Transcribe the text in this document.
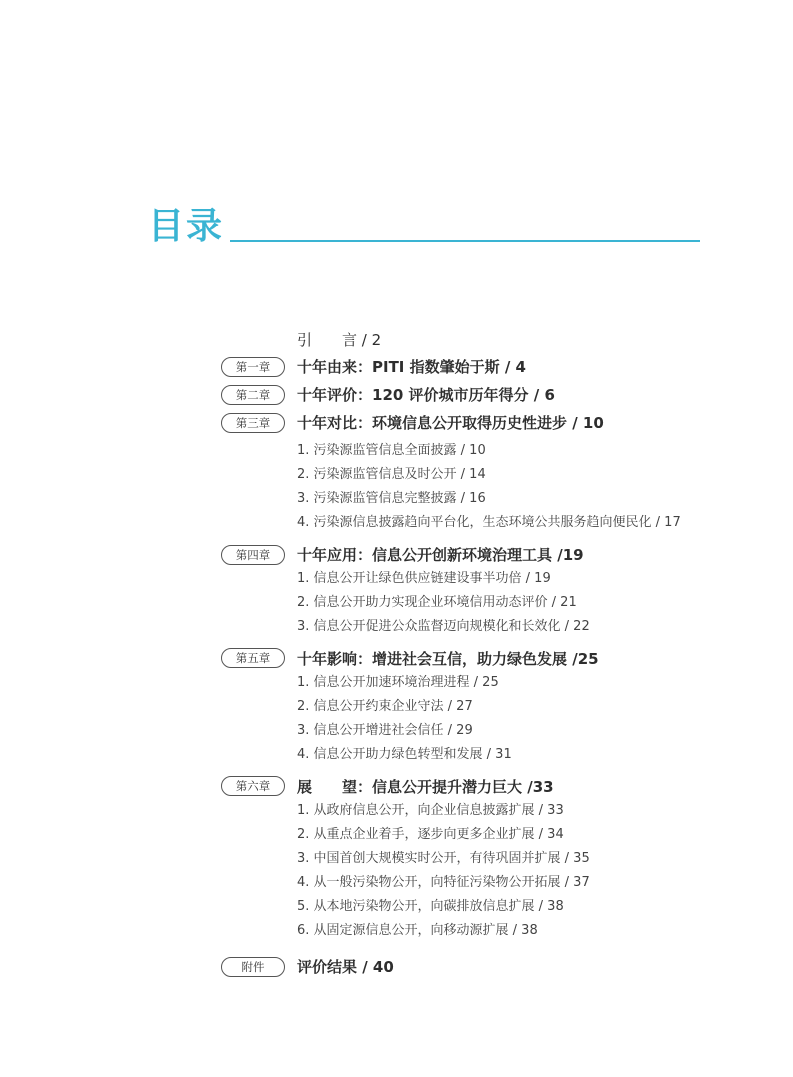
目录
引　　言 / 2
第一章	十年由来：PITI 指数肇始于斯 / 4
第二章	十年评价：120 评价城市历年得分 / 6
第三章	十年对比：环境信息公开取得历史性进步 / 10
1. 污染源监管信息全面披露 / 10
2. 污染源监管信息及时公开 / 14
3. 污染源监管信息完整披露 / 16
4. 污染源信息披露趋向平台化，生态环境公共服务趋向便民化 / 17
第四章	十年应用：信息公开创新环境治理工具 /19
1. 信息公开让绿色供应链建设事半功倍 / 19
2. 信息公开助力实现企业环境信用动态评价 / 21
3. 信息公开促进公众监督迈向规模化和长效化 / 22
第五章	十年影响：增进社会互信，助力绿色发展 /25
1. 信息公开加速环境治理进程 / 25
2. 信息公开约束企业守法 / 27
3. 信息公开增进社会信任 / 29
4. 信息公开助力绿色转型和发展 / 31
第六章	展　　望：信息公开提升潜力巨大 /33
1. 从政府信息公开，向企业信息披露扩展 / 33
2. 从重点企业着手，逐步向更多企业扩展 / 34
3. 中国首创大规模实时公开，有待巩固并扩展 / 35
4. 从一般污染物公开，向特征污染物公开拓展 / 37
5. 从本地污染物公开，向碳排放信息扩展 / 38
6. 从固定源信息公开，向移动源扩展 / 38
附件	评价结果 / 40
